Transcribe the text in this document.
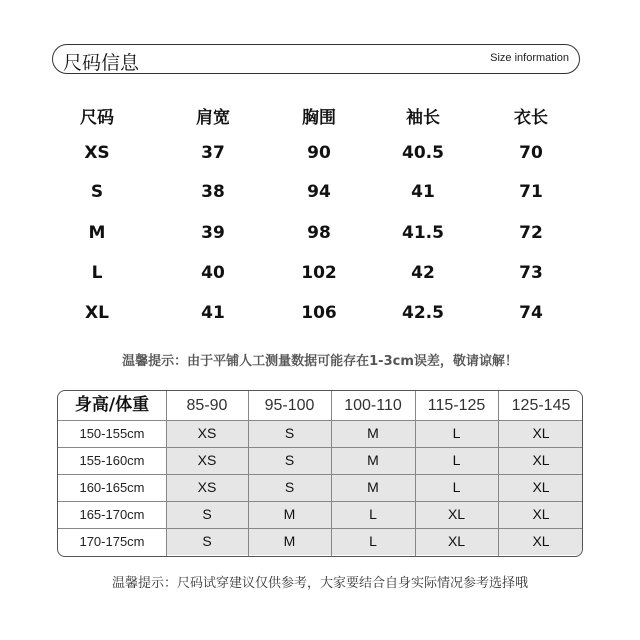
尺码信息	Size information
尺码	肩宽	胸围	袖长	衣长
XS	37	90	40.5	70
S	38	94	41	71
M	39	98	41.5	72
L	40	102	42	73
XL	41	106	42.5	74
温馨提示：由于平铺人工测量数据可能存在1-3cm误差，敬请谅解！
身高/体重	85-90	95-100	100-110	115-125	125-145
150-155cm	XS	S	M	L	XL
155-160cm	XS	S	M	L	XL
160-165cm	XS	S	M	L	XL
165-170cm	S	M	L	XL	XL
170-175cm	S	M	L	XL	XL
温馨提示：尺码试穿建议仅供参考，大家要结合自身实际情况参考选择哦
